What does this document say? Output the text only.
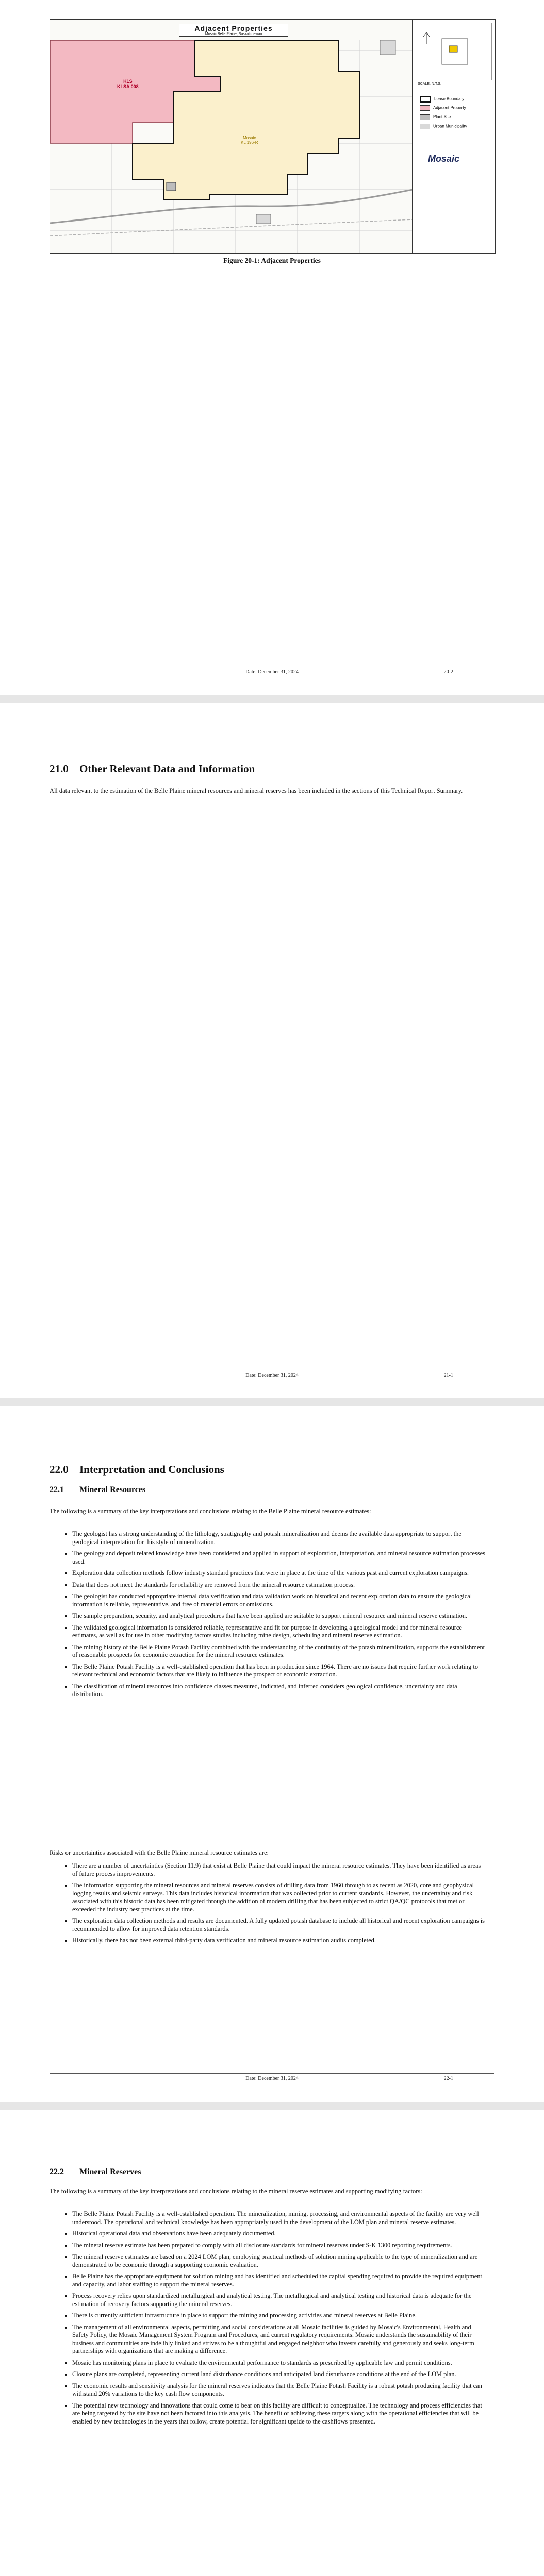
Adjacent Properties
Mosaic Belle Plaine, Saskatchewan
K1S
KLSA 008
Mosaic
KL 196-R
SCALE: N.T.S.
Lease Boundary
Adjacent Property
Plant Site
Urban Municipality
Mosaic
Figure 20-1: Adjacent Properties
Date: December 31, 2024	20-2
21.0 Other Relevant Data and Information

All data relevant to the estimation of the Belle Plaine mineral resources and mineral reserves has been included in the sections of this Technical Report Summary.

Date: December 31, 2024	21-1
22.0 Interpretation and Conclusions
22.1 Mineral Resources

The following is a summary of the key interpretations and conclusions relating to the Belle Plaine mineral resource estimates:

• The geologist has a strong understanding of the lithology, stratigraphy and potash mineralization and deems the available data appropriate to support the geological interpretation for this style of mineralization.
• The geology and deposit related knowledge have been considered and applied in support of exploration, interpretation, and mineral resource estimation processes used.
• Exploration data collection methods follow industry standard practices that were in place at the time of the various past and current exploration campaigns.
• Data that does not meet the standards for reliability are removed from the mineral resource estimation process.
• The geologist has conducted appropriate internal data verification and data validation work on historical and recent exploration data to ensure the geological information is reliable, representative, and free of material errors or omissions.
• The sample preparation, security, and analytical procedures that have been applied are suitable to support mineral resource and mineral reserve estimation.
• The validated geological information is considered reliable, representative and fit for purpose in developing a geological model and for mineral resource estimates, as well as for use in other modifying factors studies including mine design, scheduling and mineral reserve estimation.
• The mining history of the Belle Plaine Potash Facility combined with the understanding of the continuity of the potash mineralization, supports the establishment of reasonable prospects for economic extraction for the mineral resource estimates.
• The Belle Plaine Potash Facility is a well-established operation that has been in production since 1964. There are no issues that require further work relating to relevant technical and economic factors that are likely to influence the prospect of economic extraction.
• The classification of mineral resources into confidence classes measured, indicated, and inferred considers geological confidence, uncertainty and data distribution.

Risks or uncertainties associated with the Belle Plaine mineral resource estimates are:

• There are a number of uncertainties (Section 11.9) that exist at Belle Plaine that could impact the mineral resource estimates. They have been identified as areas of future process improvements.
• The information supporting the mineral resources and mineral reserves consists of drilling data from 1960 through to as recent as 2020, core and geophysical logging results and seismic surveys. This data includes historical information that was collected prior to current standards. However, the uncertainty and risk associated with this historic data has been mitigated through the addition of modern drilling that has been subjected to strict QA/QC protocols that met or exceeded the industry best practices at the time.
• The exploration data collection methods and results are documented. A fully updated potash database to include all historical and recent exploration campaigns is recommended to allow for improved data retention standards.
• Historically, there has not been external third-party data verification and mineral resource estimation audits completed.
Date: December 31, 2024	22-1
22.2 Mineral Reserves

The following is a summary of the key interpretations and conclusions relating to the mineral reserve estimates and supporting modifying factors:

• The Belle Plaine Potash Facility is a well-established operation. The mineralization, mining, processing, and environmental aspects of the facility are very well understood. The operational and technical knowledge has been appropriately used in the development of the LOM plan and mineral reserve estimates.
• Historical operational data and observations have been adequately documented.
• The mineral reserve estimate has been prepared to comply with all disclosure standards for mineral reserves under S-K 1300 reporting requirements.
• The mineral reserve estimates are based on a 2024 LOM plan, employing practical methods of solution mining applicable to the type of mineralization and are demonstrated to be economic through a supporting economic evaluation.
• Belle Plaine has the appropriate equipment for solution mining and has identified and scheduled the capital spending required to provide the required equipment and capacity, and labor staffing to support the mineral reserves.
• Process recovery relies upon standardized metallurgical and analytical testing. The metallurgical and analytical testing and historical data is adequate for the estimation of recovery factors supporting the mineral reserves.
• There is currently sufficient infrastructure in place to support the mining and processing activities and mineral reserves at Belle Plaine.
• The management of all environmental aspects, permitting and social considerations at all Mosaic facilities is guided by Mosaic's Environmental, Health and Safety Policy, the Mosaic Management System Program and Procedures, and current regulatory requirements. Mosaic understands the sustainability of their business and communities are indelibly linked and strives to be a thoughtful and engaged neighbor who invests carefully and generously and seeks long-term partnerships with organizations that are making a difference.
• Mosaic has monitoring plans in place to evaluate the environmental performance to standards as prescribed by applicable law and permit conditions.
• Closure plans are completed, representing current land disturbance conditions and anticipated land disturbance conditions at the end of the LOM plan.
• The economic results and sensitivity analysis for the mineral reserves indicates that the Belle Plaine Potash Facility is a robust potash producing facility that can withstand 20% variations to the key cash flow components.
• The potential new technology and innovations that could come to bear on this facility are difficult to conceptualize. The technology and process efficiencies that are being targeted by the site have not been factored into this analysis. The benefit of achieving these targets along with the operational efficiencies that will be enabled by new technologies in the years that follow, create potential for significant upside to the cashflows presented.
